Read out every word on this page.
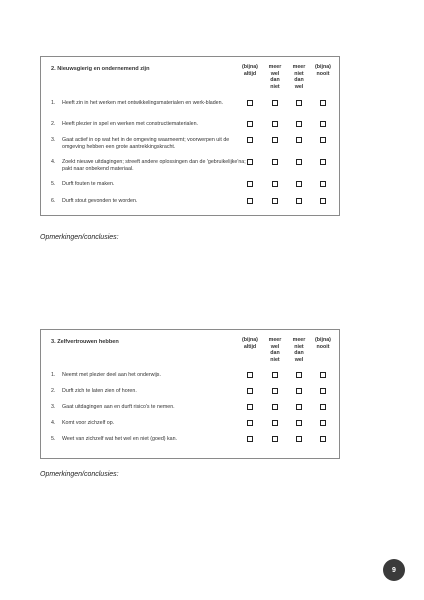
2. Nieuwsgierig en ondernemend zijn	(bijna)
altijd
meer
wel
dan
niet
meer
niet
dan
wel
(bijna)
nooit
1. Heeft zin in het werken met ontwikkelingsmaterialen en werk-bladen.
2. Heeft plezier in spel en werken met constructiematerialen.
3. Gaat actief in op wat het in de omgeving waarneemt; voorwerpen uit de omgeving hebben een grote aantrekkingskracht.
4. Zoekt nieuwe uitdagingen; streeft andere oplossingen dan de 'gebruikelijke'na; pakt naar onbekend materiaal.
5. Durft fouten te maken.
6. Durft stout gevonden te worden.
Opmerkingen/conclusies:
3. Zelfvertrouwen hebben	(bijna)
altijd
meer
wel
dan
niet
meer
niet
dan
wel
(bijna)
nooit
1. Neemt met plezier deel aan het onderwijs.
2. Durft zich te laten zien of horen.
3. Gaat uitdagingen aan en durft risico's te nemen.
4. Komt voor zichzelf op.
5. Weet van zichzelf wat het wel en niet (goed) kan.
Opmerkingen/conclusies:
9
